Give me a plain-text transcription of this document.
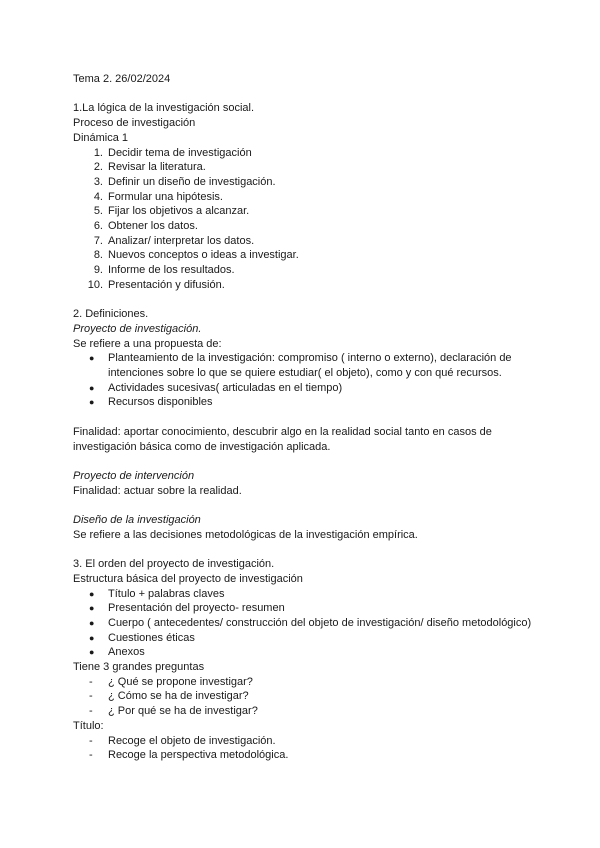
Tema 2. 26/02/2024

1.La lógica de la investigación social.

Proceso de investigación

Dinámica 1

1. Decidir tema de investigación
2. Revisar la literatura.
3. Definir un diseño de investigación.
4. Formular una hipótesis.
5. Fijar los objetivos a alcanzar.
6. Obtener los datos.
7. Analizar/ interpretar los datos.
8. Nuevos conceptos o ideas a investigar.
9. Informe de los resultados.
10. Presentación y difusión.

2. Definiciones.

Proyecto de investigación.

Se refiere a una propuesta de:

● Planteamiento de la investigación: compromiso ( interno o externo), declaración de intenciones sobre lo que se quiere estudiar( el objeto), como y con qué recursos.
● Actividades sucesivas( articuladas en el tiempo)
● Recursos disponibles

Finalidad: aportar conocimiento, descubrir algo en la realidad social tanto en casos de investigación básica como de investigación aplicada.

Proyecto de intervención

Finalidad: actuar sobre la realidad.

Diseño de la investigación

Se refiere a las decisiones metodológicas de la investigación empírica.

3. El orden del proyecto de investigación.

Estructura básica del proyecto de investigación

● Título + palabras claves
● Presentación del proyecto- resumen
● Cuerpo ( antecedentes/ construcción del objeto de investigación/ diseño metodológico)
● Cuestiones éticas
● Anexos

Tiene 3 grandes preguntas

- ¿ Qué se propone investigar?
- ¿ Cómo se ha de investigar?
- ¿ Por qué se ha de investigar?

Título:

- Recoge el objeto de investigación.
- Recoge la perspectiva metodológica.
